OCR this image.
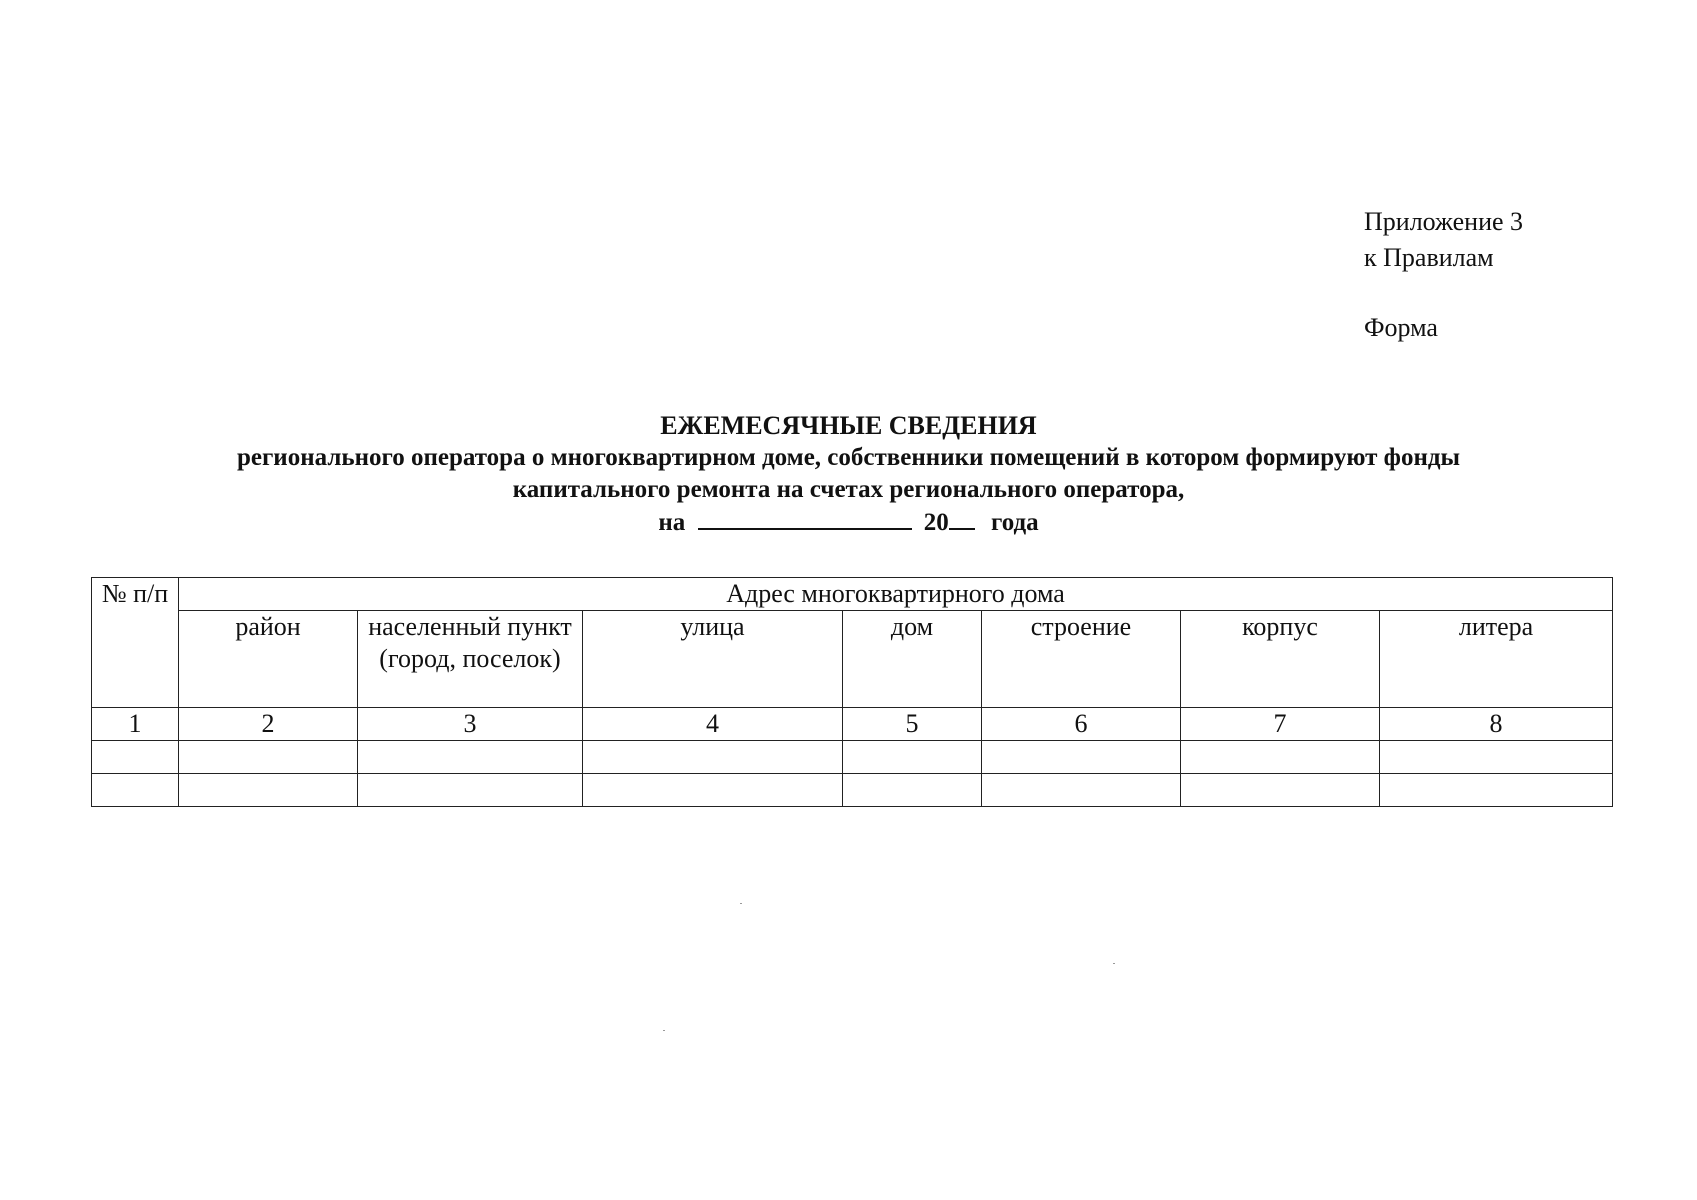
Приложение 3
к Правилам
Форма
ЕЖЕМЕСЯЧНЫЕ СВЕДЕНИЯ
регионального оператора о многоквартирном доме, собственники помещений в котором формируют фонды
капитального ремонта на счетах регионального оператора,
на	20 года
№ п/п	Адрес многоквартирного дома						
	район	населенный пункт (город, поселок)	улица	дом	строение	корпус	литера
1	2	3	4	5	6	7	8
